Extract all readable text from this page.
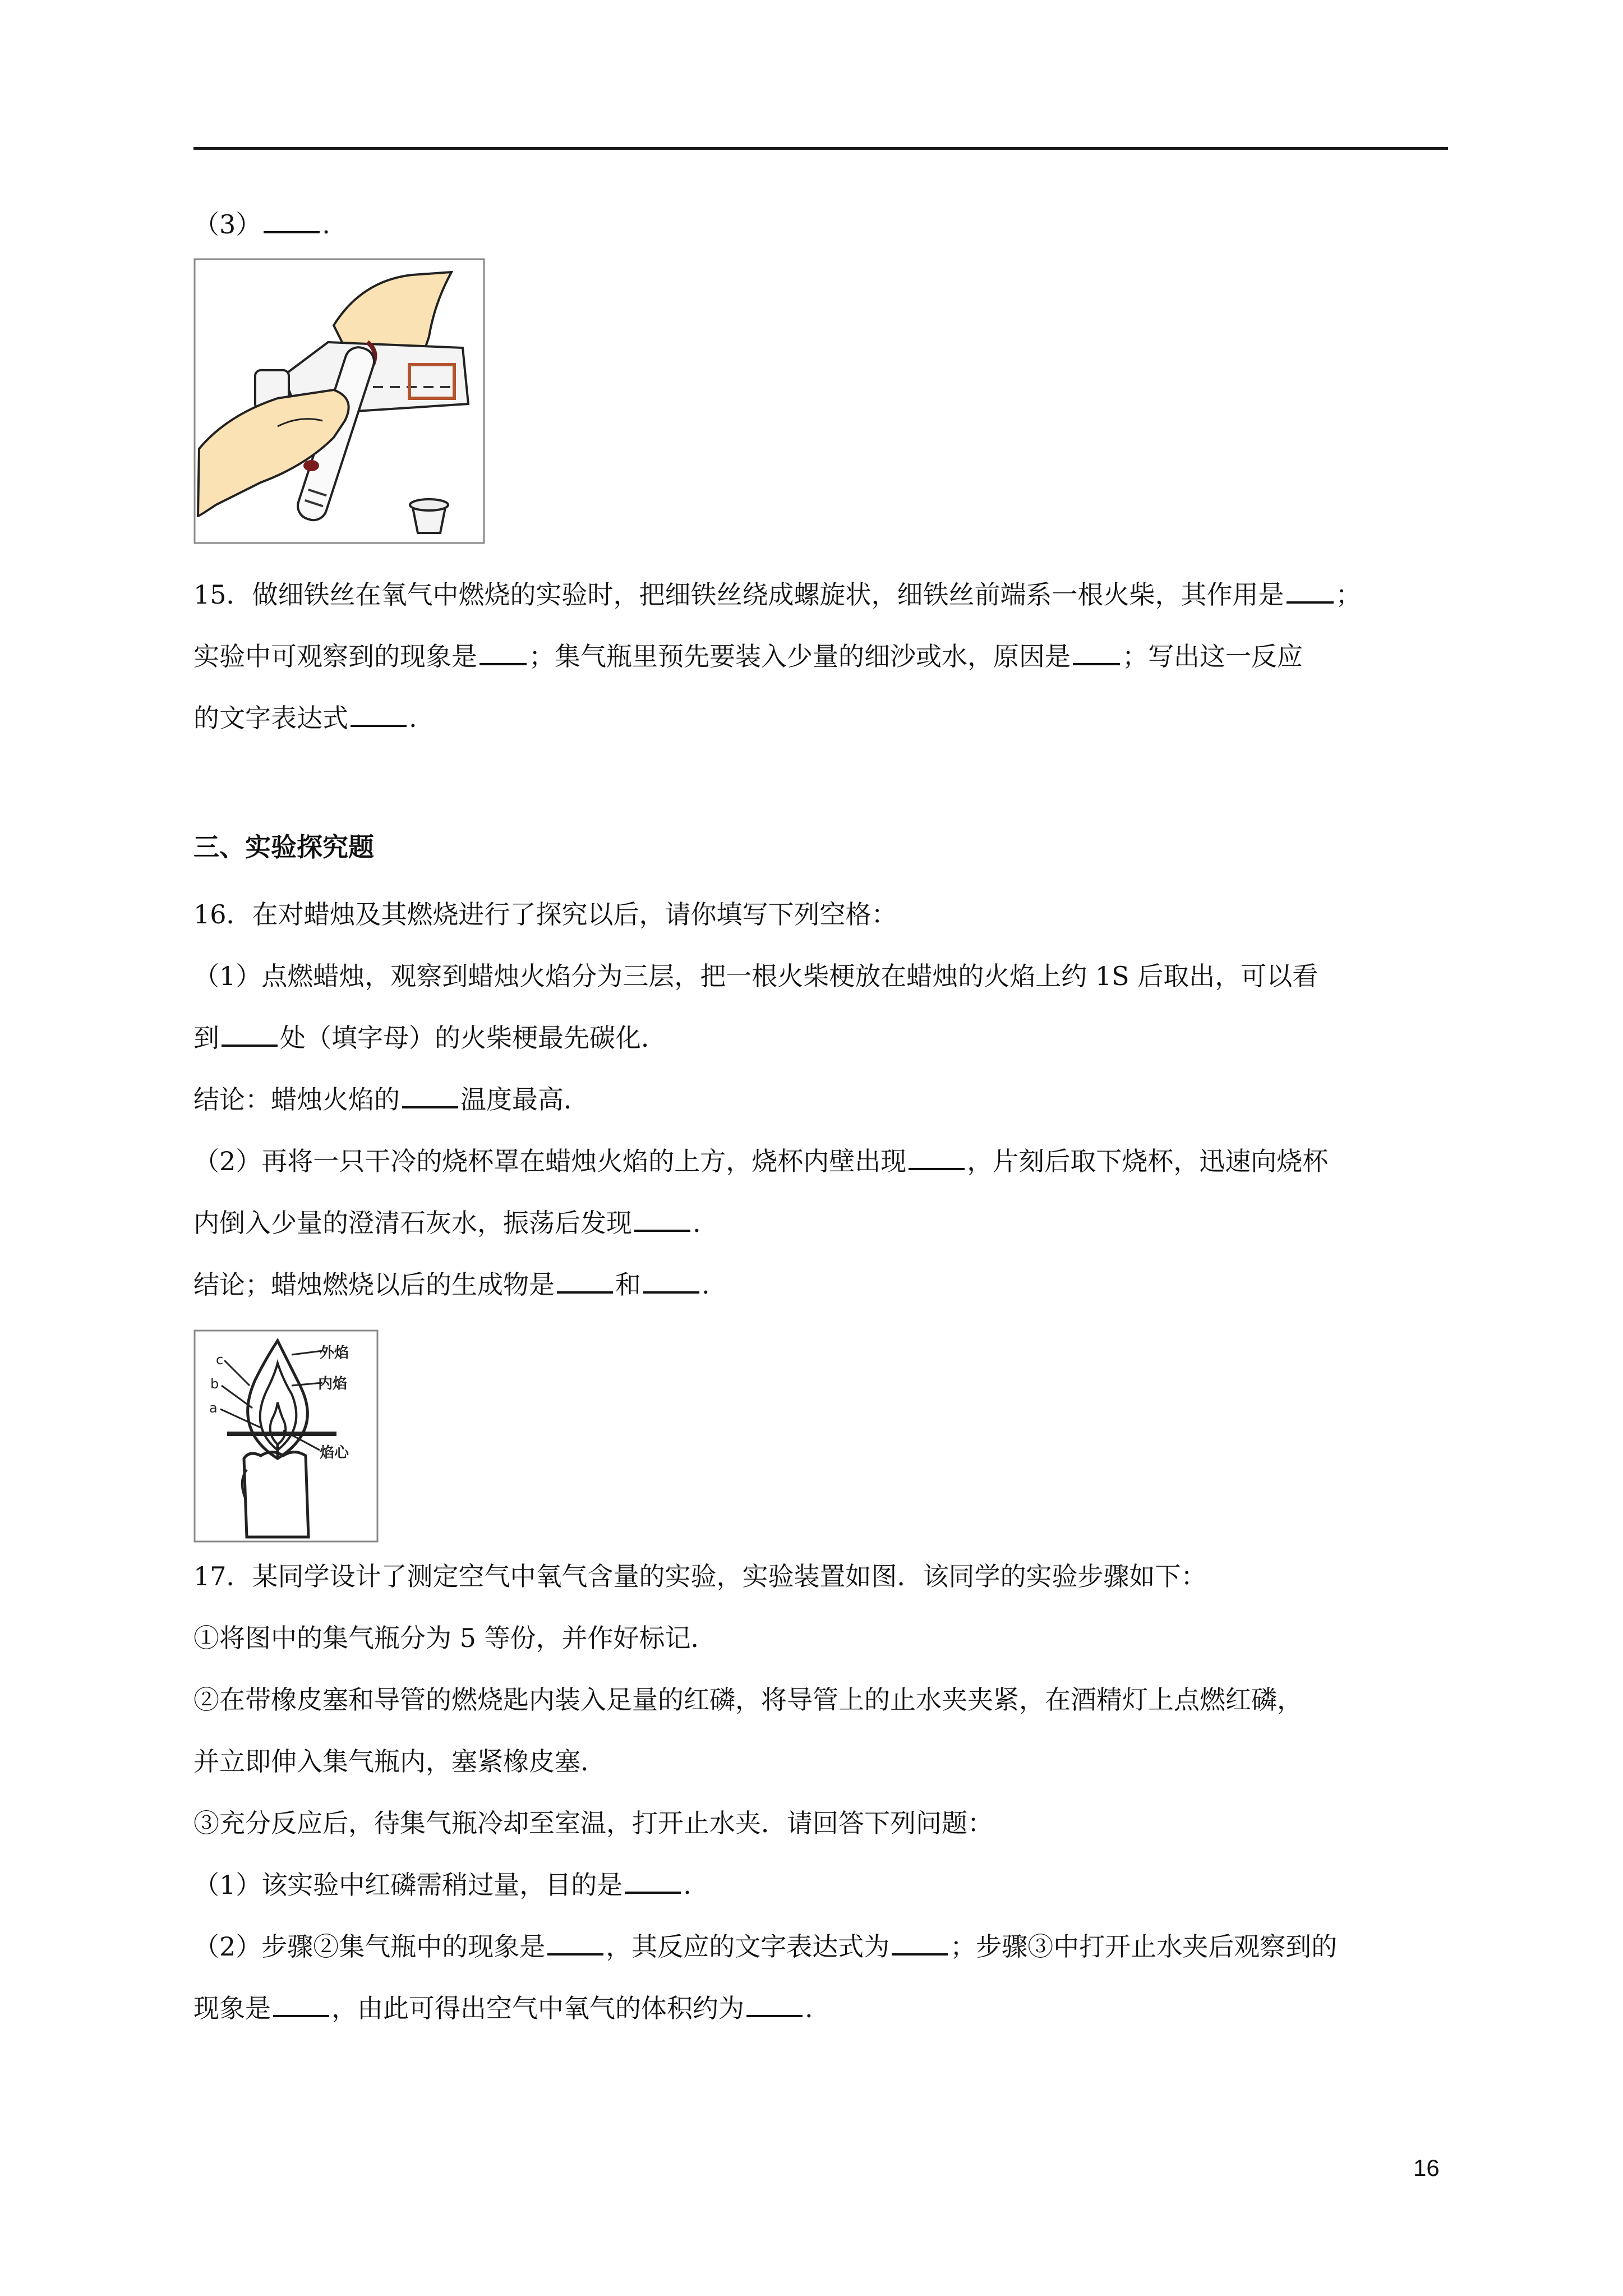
（3） .
15．做细铁丝在氧气中燃烧的实验时，把细铁丝绕成螺旋状，细铁丝前端系一根火柴，其作用是 ；
实验中可观察到的现象是 ；集气瓶里预先要装入少量的细沙或水，原因是 ；写出这一反应
的文字表达式 .
三、实验探究题
16．在对蜡烛及其燃烧进行了探究以后，请你填写下列空格：
（1）点燃蜡烛，观察到蜡烛火焰分为三层，把一根火柴梗放在蜡烛的火焰上约 1S 后取出，可以看
到 处（填字母）的火柴梗最先碳化．
结论：蜡烛火焰的 温度最高．
（2）再将一只干冷的烧杯罩在蜡烛火焰的上方，烧杯内壁出现 ，片刻后取下烧杯，迅速向烧杯
内倒入少量的澄清石灰水，振荡后发现 .
结论；蜡烛燃烧以后的生成物是 和 .
外焰
内焰
焰心
c
b
a
17．某同学设计了测定空气中氧气含量的实验，实验装置如图．该同学的实验步骤如下：
①将图中的集气瓶分为 5 等份，并作好标记．
②在带橡皮塞和导管的燃烧匙内装入足量的红磷，将导管上的止水夹夹紧，在酒精灯上点燃红磷，
并立即伸入集气瓶内，塞紧橡皮塞．
③充分反应后，待集气瓶冷却至室温，打开止水夹．请回答下列问题：
（1）该实验中红磷需稍过量，目的是 .
（2）步骤②集气瓶中的现象是 ，其反应的文字表达式为 ；步骤③中打开止水夹后观察到的
现象是 ，由此可得出空气中氧气的体积约为 .
16
